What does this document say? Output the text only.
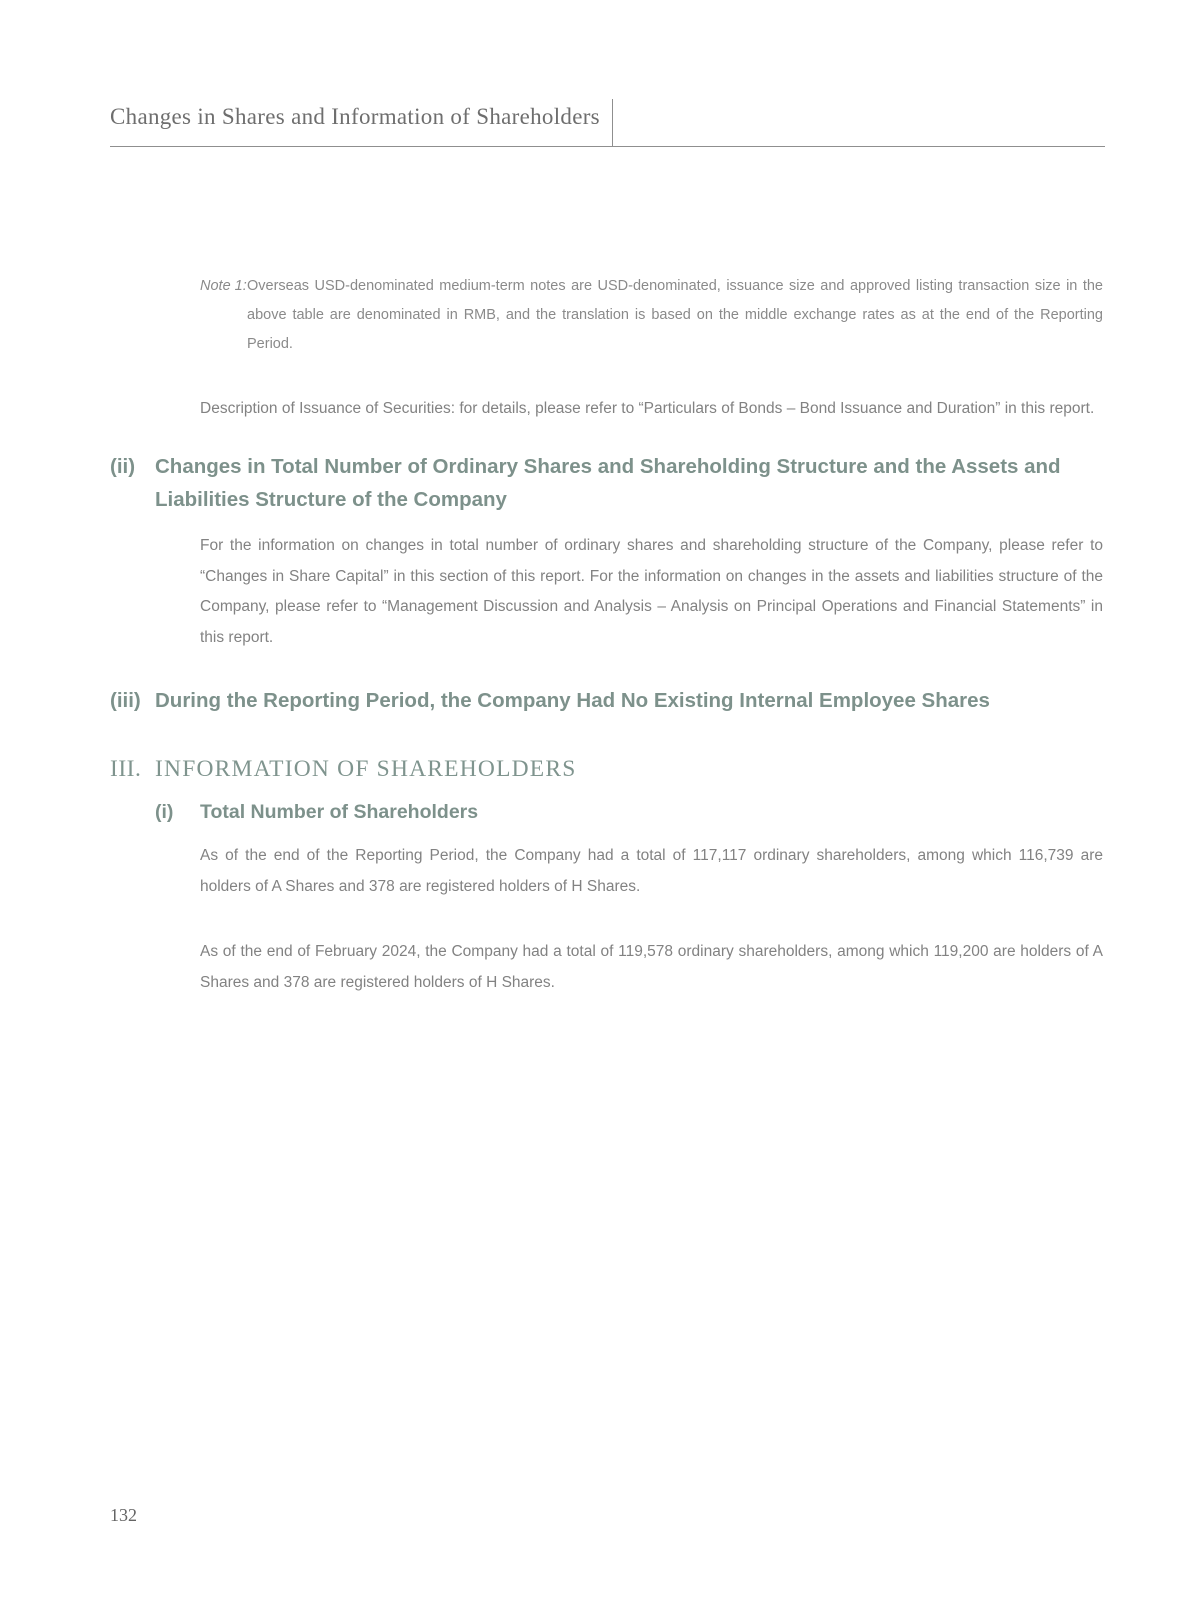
Changes in Shares and Information of Shareholders
Note 1: Overseas USD-denominated medium-term notes are USD-denominated, issuance size and approved listing transaction size in the above table are denominated in RMB, and the translation is based on the middle exchange rates as at the end of the Reporting Period.

Description of Issuance of Securities: for details, please refer to “Particulars of Bonds – Bond Issuance and Duration” in this report.

(ii) Changes in Total Number of Ordinary Shares and Shareholding Structure and the Assets and Liabilities Structure of the Company

For the information on changes in total number of ordinary shares and shareholding structure of the Company, please refer to “Changes in Share Capital” in this section of this report. For the information on changes in the assets and liabilities structure of the Company, please refer to “Management Discussion and Analysis – Analysis on Principal Operations and Financial Statements” in this report.

(iii) During the Reporting Period, the Company Had No Existing Internal Employee Shares
III. INFORMATION OF SHAREHOLDERS
(i)	Total Number of Shareholders

As of the end of the Reporting Period, the Company had a total of 117,117 ordinary shareholders, among which 116,739 are holders of A Shares and 378 are registered holders of H Shares.

As of the end of February 2024, the Company had a total of 119,578 ordinary shareholders, among which 119,200 are holders of A Shares and 378 are registered holders of H Shares.

132
